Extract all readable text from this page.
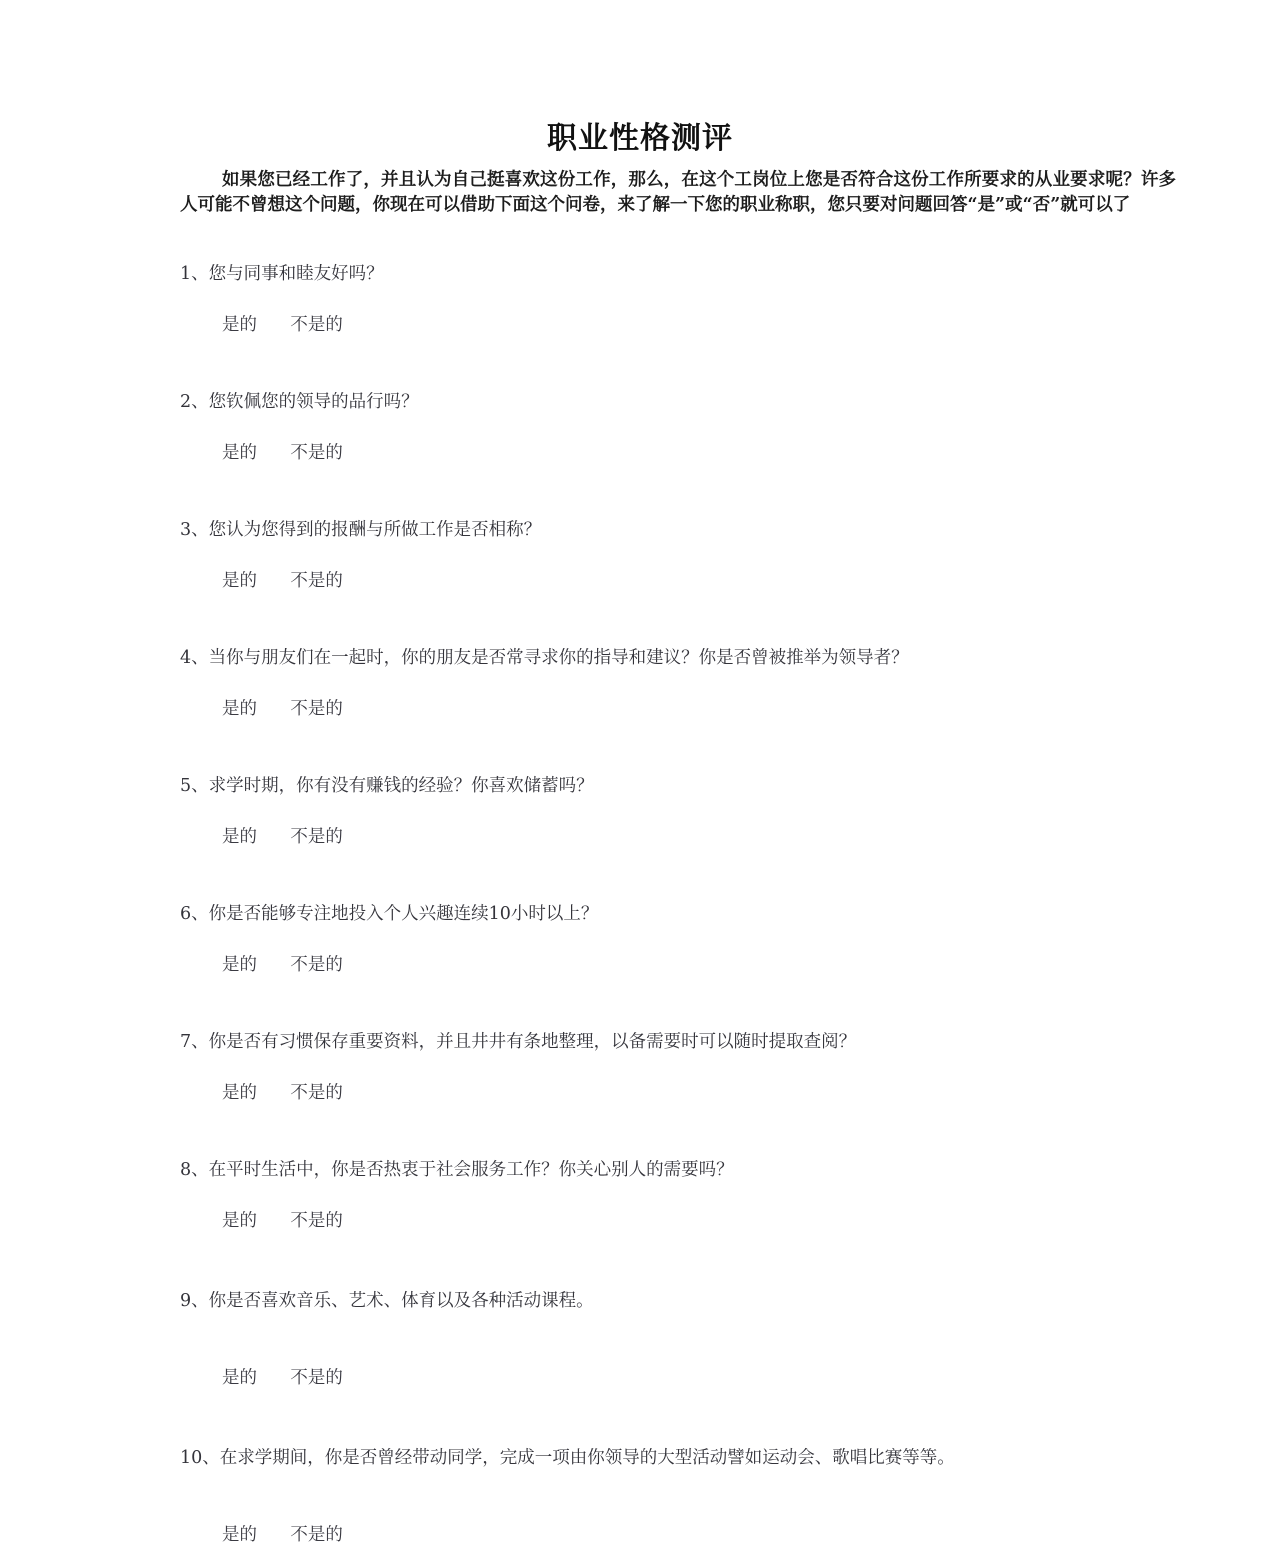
职业性格测评

如果您已经工作了，并且认为自己挺喜欢这份工作，那么，在这个工岗位上您是否符合这份工作所要求的从业要求呢？许多人可能不曾想这个问题，你现在可以借助下面这个问卷，来了解一下您的职业称职，您只要对问题回答“是”或“否”就可以了

1、您与同事和睦友好吗？

是的 不是的

2、您钦佩您的领导的品行吗？

是的 不是的

3、您认为您得到的报酬与所做工作是否相称？

是的 不是的

4、当你与朋友们在一起时，你的朋友是否常寻求你的指导和建议？你是否曾被推举为领导者？

是的 不是的

5、求学时期，你有没有赚钱的经验？你喜欢储蓄吗？

是的 不是的

6、你是否能够专注地投入个人兴趣连续10小时以上？

是的 不是的

7、你是否有习惯保存重要资料，并且井井有条地整理，以备需要时可以随时提取查阅？

是的 不是的

8、在平时生活中，你是否热衷于社会服务工作？你关心别人的需要吗？

是的 不是的

9、你是否喜欢音乐、艺术、体育以及各种活动课程。

是的 不是的

10、在求学期间，你是否曾经带动同学，完成一项由你领导的大型活动譬如运动会、歌唱比赛等等。

是的 不是的
